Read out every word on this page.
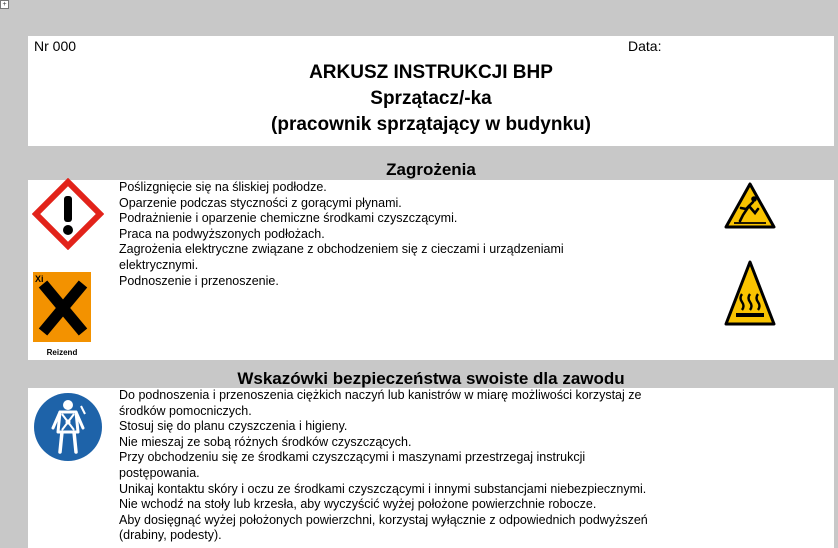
+
Nr 000	Data:
ARKUSZ INSTRUKCJI BHP
Sprzątacz/-ka
(pracownik sprzątający w budynku)
Zagrożenia
Poślizgnięcie się na śliskiej podłodze.
Oparzenie podczas styczności z gorącymi płynami.
Podrażnienie i oparzenie chemiczne środkami czyszczącymi.
Praca na podwyższonych podłożach.
Zagrożenia elektryczne związane z obchodzeniem się z cieczami i urządzeniami
elektrycznymi.
Podnoszenie i przenoszenie.
Xi
Reizend
Wskazówki bezpieczeństwa swoiste dla zawodu
Do podnoszenia i przenoszenia ciężkich naczyń lub kanistrów w miarę możliwości korzystaj ze
środków pomocniczych.
Stosuj się do planu czyszczenia i higieny.
Nie mieszaj ze sobą różnych środków czyszczących.
Przy obchodzeniu się ze środkami czyszczącymi i maszynami przestrzegaj instrukcji
postępowania.
Unikaj kontaktu skóry i oczu ze środkami czyszczącymi i innymi substancjami niebezpiecznymi.
Nie wchodź na stoły lub krzesła, aby wyczyścić wyżej położone powierzchnie robocze.
Aby dosięgnąć wyżej położonych powierzchni, korzystaj wyłącznie z odpowiednich podwyższeń
(drabiny, podesty).
